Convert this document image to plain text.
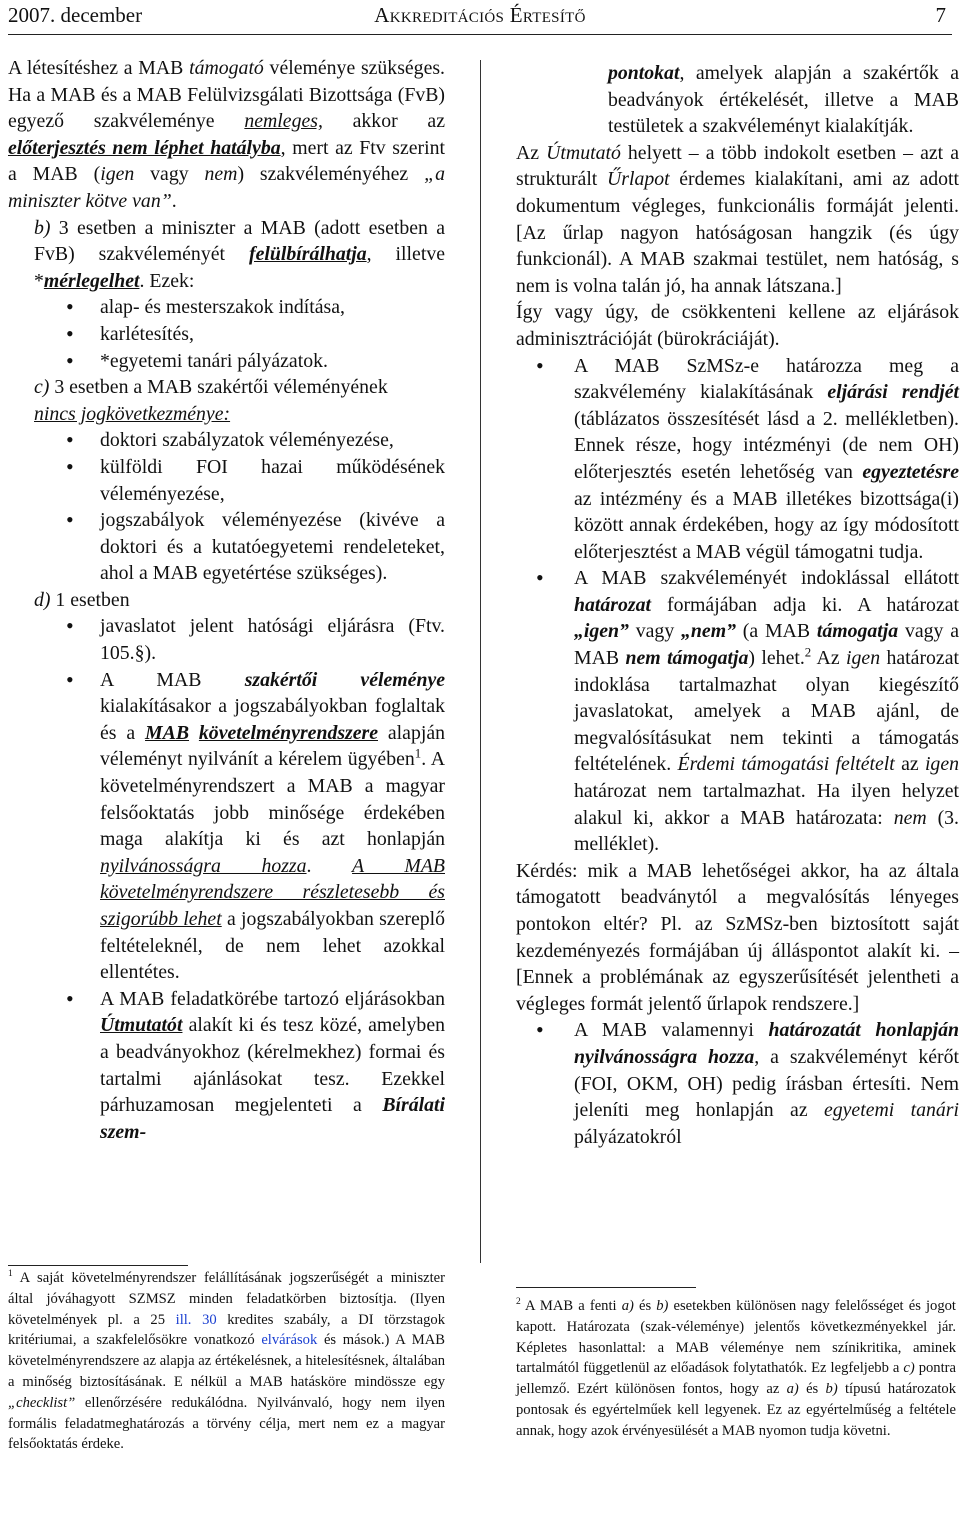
2007. december	Akkreditációs Értesítő	7

A létesítéshez a MAB támogató véleménye szükséges. Ha a MAB és a MAB Felülvizsgálati Bizottsága (FvB) egyező szakvéleménye nemleges, akkor az előterjesztés nem léphet hatályba, mert az Ftv szerint a MAB (igen vagy nem) szakvéleményéhez „a miniszter kötve van”.

b) 3 esetben a miniszter a MAB (adott esetben a FvB) szakvéleményét felülbírálhatja, illetve *mérlegelhet. Ezek:

• alap- és mesterszakok indítása,
• karlétesítés,
• *egyetemi tanári pályázatok.

c) 3 esetben a MAB szakértői véleményének
nincs jogkövetkezménye:

• doktori szabályzatok véleményezése,
• külföldi FOI hazai működésének véleményezése,
• jogszabályok véleményezése (kivéve a doktori és a kutatóegyetemi rendeleteket, ahol a MAB egyetértése szükséges).

d) 1 esetben

• javaslatot jelent hatósági eljárásra (Ftv. 105.§).
• A MAB szakértői véleménye kialakításakor a jogszabályokban foglaltak és a MAB követelményrendszere alapján véleményt nyilvánít a kérelem ügyében$^1$. A követelményrendszert a MAB a magyar felsőoktatás jobb minősége érdekében maga alakítja ki és azt honlapján nyilvánosságra hozza. A MAB követelményrendszere részletesebb és szigorúbb lehet a jogszabályokban szereplő feltételeknél, de nem lehet azokkal ellentétes.
• A MAB feladatkörébe tartozó eljárásokban Útmutatót alakít ki és tesz közé, amelyben a beadványokhoz (kérelmekhez) formai és tartalmi ajánlásokat tesz. Ezekkel párhuzamosan megjelenteti a Bírálati szem-
$^1$ A saját követelményrendszer felállításának jogszerűségét a miniszter által jóváhagyott SZMSZ minden feladatkörben biztosítja. (Ilyen követelmények pl. a 25 ill. 30 kredites szabály, a DI törzstagok kritériumai, a szakfelelősökre vonatkozó elvárások és mások.) A MAB követelményrendszere az alapja az értékelésnek, a hitelesítésnek, általában a minőség biztosításának. E nélkül a MAB hatásköre mindössze egy „checklist” ellenőrzésére redukálódna. Nyilvánvaló, hogy nem ilyen formális feladatmeghatározás a törvény célja, mert nem ez a magyar felsőoktatás érdeke.

pontokat, amelyek alapján a szakértők a beadványok értékelését, illetve a MAB testületek a szakvéleményt kialakítják.

Az Útmutató helyett – a több indokolt esetben – azt a strukturált Űrlapot érdemes kialakítani, ami az adott dokumentum végleges, funkcionális formáját jelenti. [Az űrlap nagyon hatóságosan hangzik (és úgy funkcionál). A MAB szakmai testület, nem hatóság, s nem is volna talán jó, ha annak látszana.]

Így vagy úgy, de csökkenteni kellene az eljárások adminisztrációját (bürokráciáját).

• A MAB SzMSz-e határozza meg a szakvélemény kialakításának eljárási rendjét (táblázatos összesítését lásd a 2. mellékletben). Ennek része, hogy intézményi (de nem OH) előterjesztés esetén lehetőség van egyeztetésre az intézmény és a MAB illetékes bizottsága(i) között annak érdekében, hogy az így módosított előterjesztést a MAB végül támogatni tudja.
• A MAB szakvéleményét indoklással ellátott határozat formájában adja ki. A határozat „igen” vagy „nem” (a MAB támogatja vagy a MAB nem támogatja) lehet.$^2$ Az igen határozat indoklása tartalmazhat olyan kiegészítő javaslatokat, amelyek a MAB ajánl, de megvalósításukat nem tekinti a támogatás feltételének. Érdemi támogatási feltételt az igen határozat nem tartalmazhat. Ha ilyen helyzet alakul ki, akkor a MAB határozata: nem (3. melléklet).

Kérdés: mik a MAB lehetőségei akkor, ha az általa támogatott beadványtól a megvalósítás lényeges pontokon eltér? Pl. az SzMSz-ben biztosított saját kezdeményezés formájában új álláspontot alakít ki. – [Ennek a problémának az egyszerűsítését jelentheti a végleges formát jelentő űrlapok rendszere.]

• A MAB valamennyi határozatát honlapján nyilvánosságra hozza, a szakvéleményt kérőt (FOI, OKM, OH) pedig írásban értesíti. Nem jeleníti meg honlapján az egyetemi tanári pályázatokról
$^2$ A MAB a fenti a) és b) esetekben különösen nagy felelősséget és jogot kapott. Határozata (szak-véleménye) jelentős következményekkel jár. Képletes hasonlattal: a MAB véleménye nem színikritika, aminek tartalmától függetlenül az előadások folytathatók. Ez legfeljebb a c) pontra jellemző. Ezért különösen fontos, hogy az a) és b) típusú határozatok pontosak és egyértelműek kell legyenek. Ez az egyértelműség a feltétele annak, hogy azok érvényesülését a MAB nyomon tudja követni.
